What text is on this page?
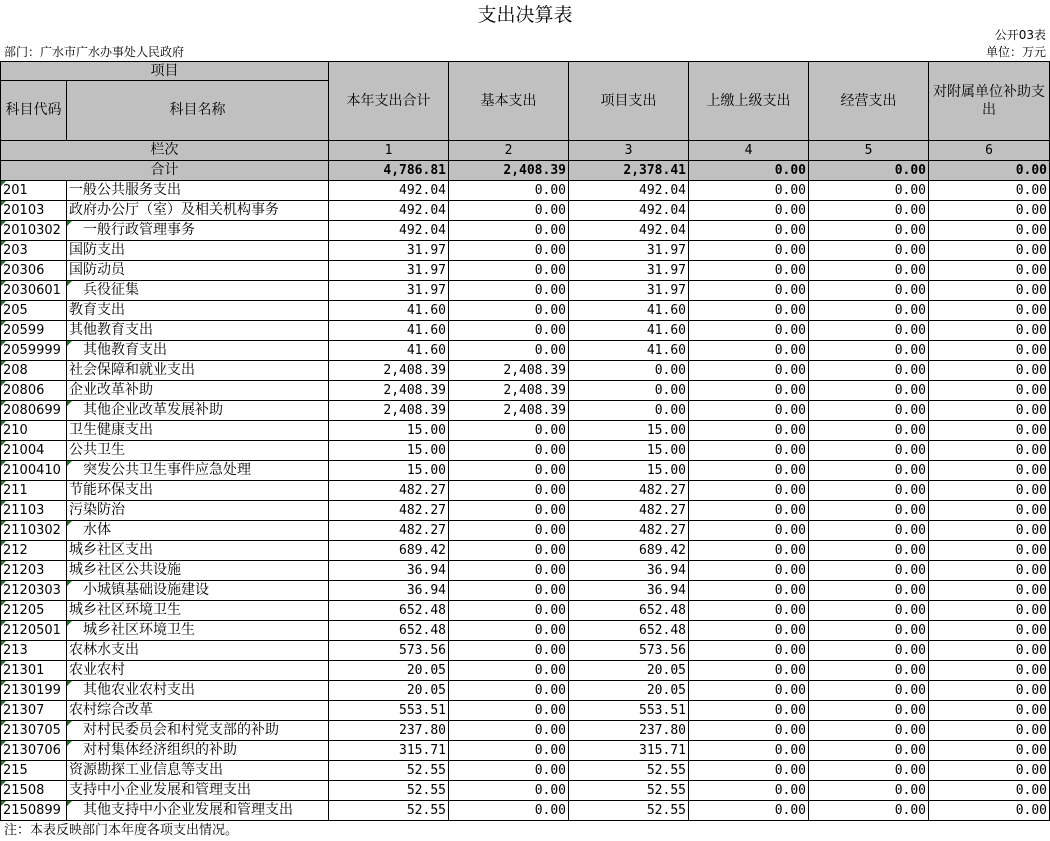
支出决算表
公开03表
部门：广水市广水办事处人民政府	单位：万元
项目		本年支出合计	基本支出	项目支出	上缴上级支出	经营支出	对附属单位补助支出
科目代码	科目名称						
栏次		1	2	3	4	5	6
合计		4,786.81	2,408.39	2,378.41	0.00	0.00	0.00

201	一般公共服务支出	492.04	0.00	492.04	0.00	0.00	0.00

20103	政府办公厅（室）及相关机构事务	492.04	0.00	492.04	0.00	0.00	0.00

2010302	一般行政管理事务	492.04	0.00	492.04	0.00	0.00	0.00

203	国防支出	31.97	0.00	31.97	0.00	0.00	0.00

20306	国防动员	31.97	0.00	31.97	0.00	0.00	0.00

2030601	兵役征集	31.97	0.00	31.97	0.00	0.00	0.00

205	教育支出	41.60	0.00	41.60	0.00	0.00	0.00

20599	其他教育支出	41.60	0.00	41.60	0.00	0.00	0.00

2059999	其他教育支出	41.60	0.00	41.60	0.00	0.00	0.00

208	社会保障和就业支出	2,408.39	2,408.39	0.00	0.00	0.00	0.00

20806	企业改革补助	2,408.39	2,408.39	0.00	0.00	0.00	0.00

2080699	其他企业改革发展补助	2,408.39	2,408.39	0.00	0.00	0.00	0.00

210	卫生健康支出	15.00	0.00	15.00	0.00	0.00	0.00

21004	公共卫生	15.00	0.00	15.00	0.00	0.00	0.00

2100410	突发公共卫生事件应急处理	15.00	0.00	15.00	0.00	0.00	0.00

211	节能环保支出	482.27	0.00	482.27	0.00	0.00	0.00

21103	污染防治	482.27	0.00	482.27	0.00	0.00	0.00

2110302	水体	482.27	0.00	482.27	0.00	0.00	0.00

212	城乡社区支出	689.42	0.00	689.42	0.00	0.00	0.00

21203	城乡社区公共设施	36.94	0.00	36.94	0.00	0.00	0.00

2120303	小城镇基础设施建设	36.94	0.00	36.94	0.00	0.00	0.00

21205	城乡社区环境卫生	652.48	0.00	652.48	0.00	0.00	0.00

2120501	城乡社区环境卫生	652.48	0.00	652.48	0.00	0.00	0.00

213	农林水支出	573.56	0.00	573.56	0.00	0.00	0.00

21301	农业农村	20.05	0.00	20.05	0.00	0.00	0.00

2130199	其他农业农村支出	20.05	0.00	20.05	0.00	0.00	0.00

21307	农村综合改革	553.51	0.00	553.51	0.00	0.00	0.00

2130705	对村民委员会和村党支部的补助	237.80	0.00	237.80	0.00	0.00	0.00

2130706	对村集体经济组织的补助	315.71	0.00	315.71	0.00	0.00	0.00

215	资源勘探工业信息等支出	52.55	0.00	52.55	0.00	0.00	0.00

21508	支持中小企业发展和管理支出	52.55	0.00	52.55	0.00	0.00	0.00

2150899	其他支持中小企业发展和管理支出	52.55	0.00	52.55	0.00	0.00	0.00
注：本表反映部门本年度各项支出情况。
